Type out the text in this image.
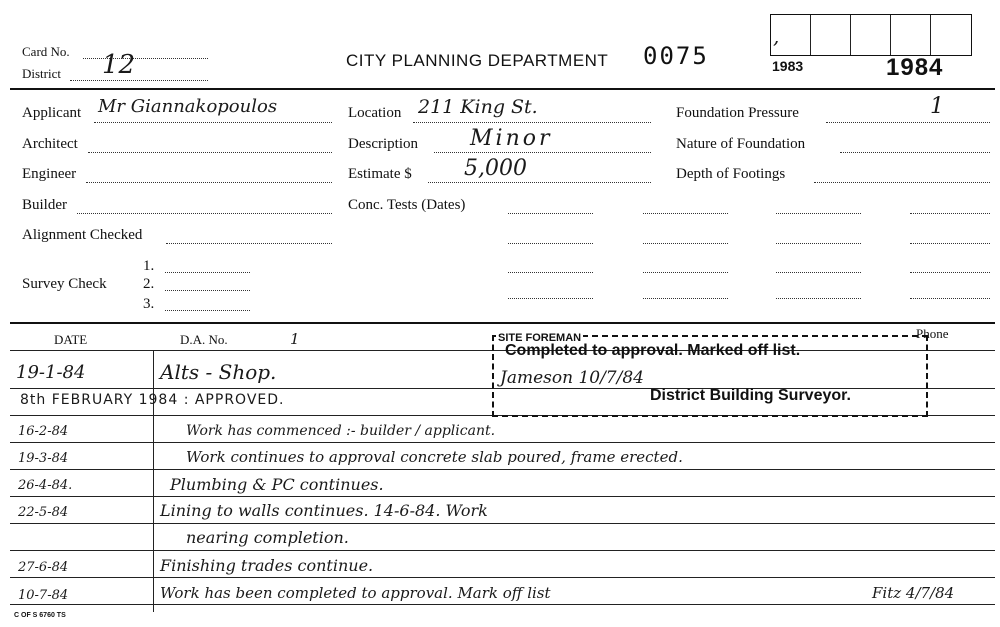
Card No.
District 12	CITY PLANNING DEPARTMENT 0075
,
1983	1984
Applicant Mr Giannakopoulos
Architect
Engineer
Builder
Alignment Checked
Survey Check
1.
2.
3.
Location 211 King St.
Description Minor
Estimate $ 5,000
Conc. Tests (Dates)
Foundation Pressure	1
Nature of Foundation
Depth of Footings
DATE	D.A. No.	1	Phone
SITE FOREMAN
Completed to approval. Marked off list.
District Building Surveyor.
Jameson 10/7/84
19-1-84	Alts - Shop.
8th FEBRUARY 1984 : APPROVED.
16-2-84	Work has commenced :- builder / applicant.
19-3-84	Work continues to approval concrete slab poured, frame erected.
26-4-84.	Plumbing & PC continues.
22-5-84	Lining to walls continues. 14-6-84. Work
nearing completion.
27-6-84	Finishing trades continue.
10-7-84	Work has been completed to approval. Mark off list	Fitz 4/7/84
C OF S 6760 TS
